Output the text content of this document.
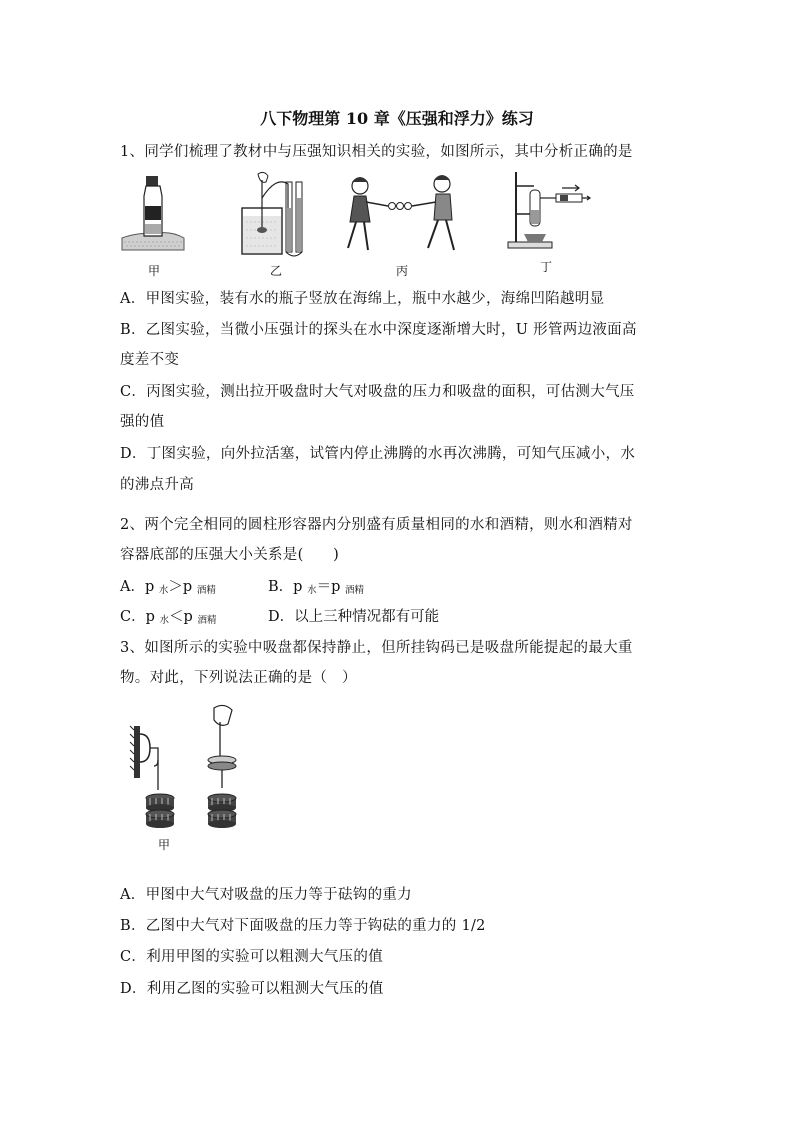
八下物理第 10 章《压强和浮力》练习
1、同学们梳理了教材中与压强知识相关的实验，如图所示，其中分析正确的是
甲	乙	丙	丁
A．甲图实验，装有水的瓶子竖放在海绵上，瓶中水越少，海绵凹陷越明显
B．乙图实验，当微小压强计的探头在水中深度逐渐增大时，U 形管两边液面高
度差不变
C．丙图实验，测出拉开吸盘时大气对吸盘的压力和吸盘的面积，可估测大气压
强的值
D．丁图实验，向外拉活塞，试管内停止沸腾的水再次沸腾，可知气压减小，水
的沸点升高
2、两个完全相同的圆柱形容器内分别盛有质量相同的水和酒精，则水和酒精对
容器底部的压强大小关系是(　　)
A．p $_水$＞p $_{酒精}$	B．p $_水$＝p $_{酒精}$
C．p $_水$＜p $_{酒精}$	D．以上三种情况都有可能
3、如图所示的实验中吸盘都保持静止，但所挂钩码已是吸盘所能提起的最大重
物。对此，下列说法正确的是（　）
甲
A．甲图中大气对吸盘的压力等于砝钩的重力
B．乙图中大气对下面吸盘的压力等于钩砝的重力的 1/2
C．利用甲图的实验可以粗测大气压的值
D．利用乙图的实验可以粗测大气压的值
